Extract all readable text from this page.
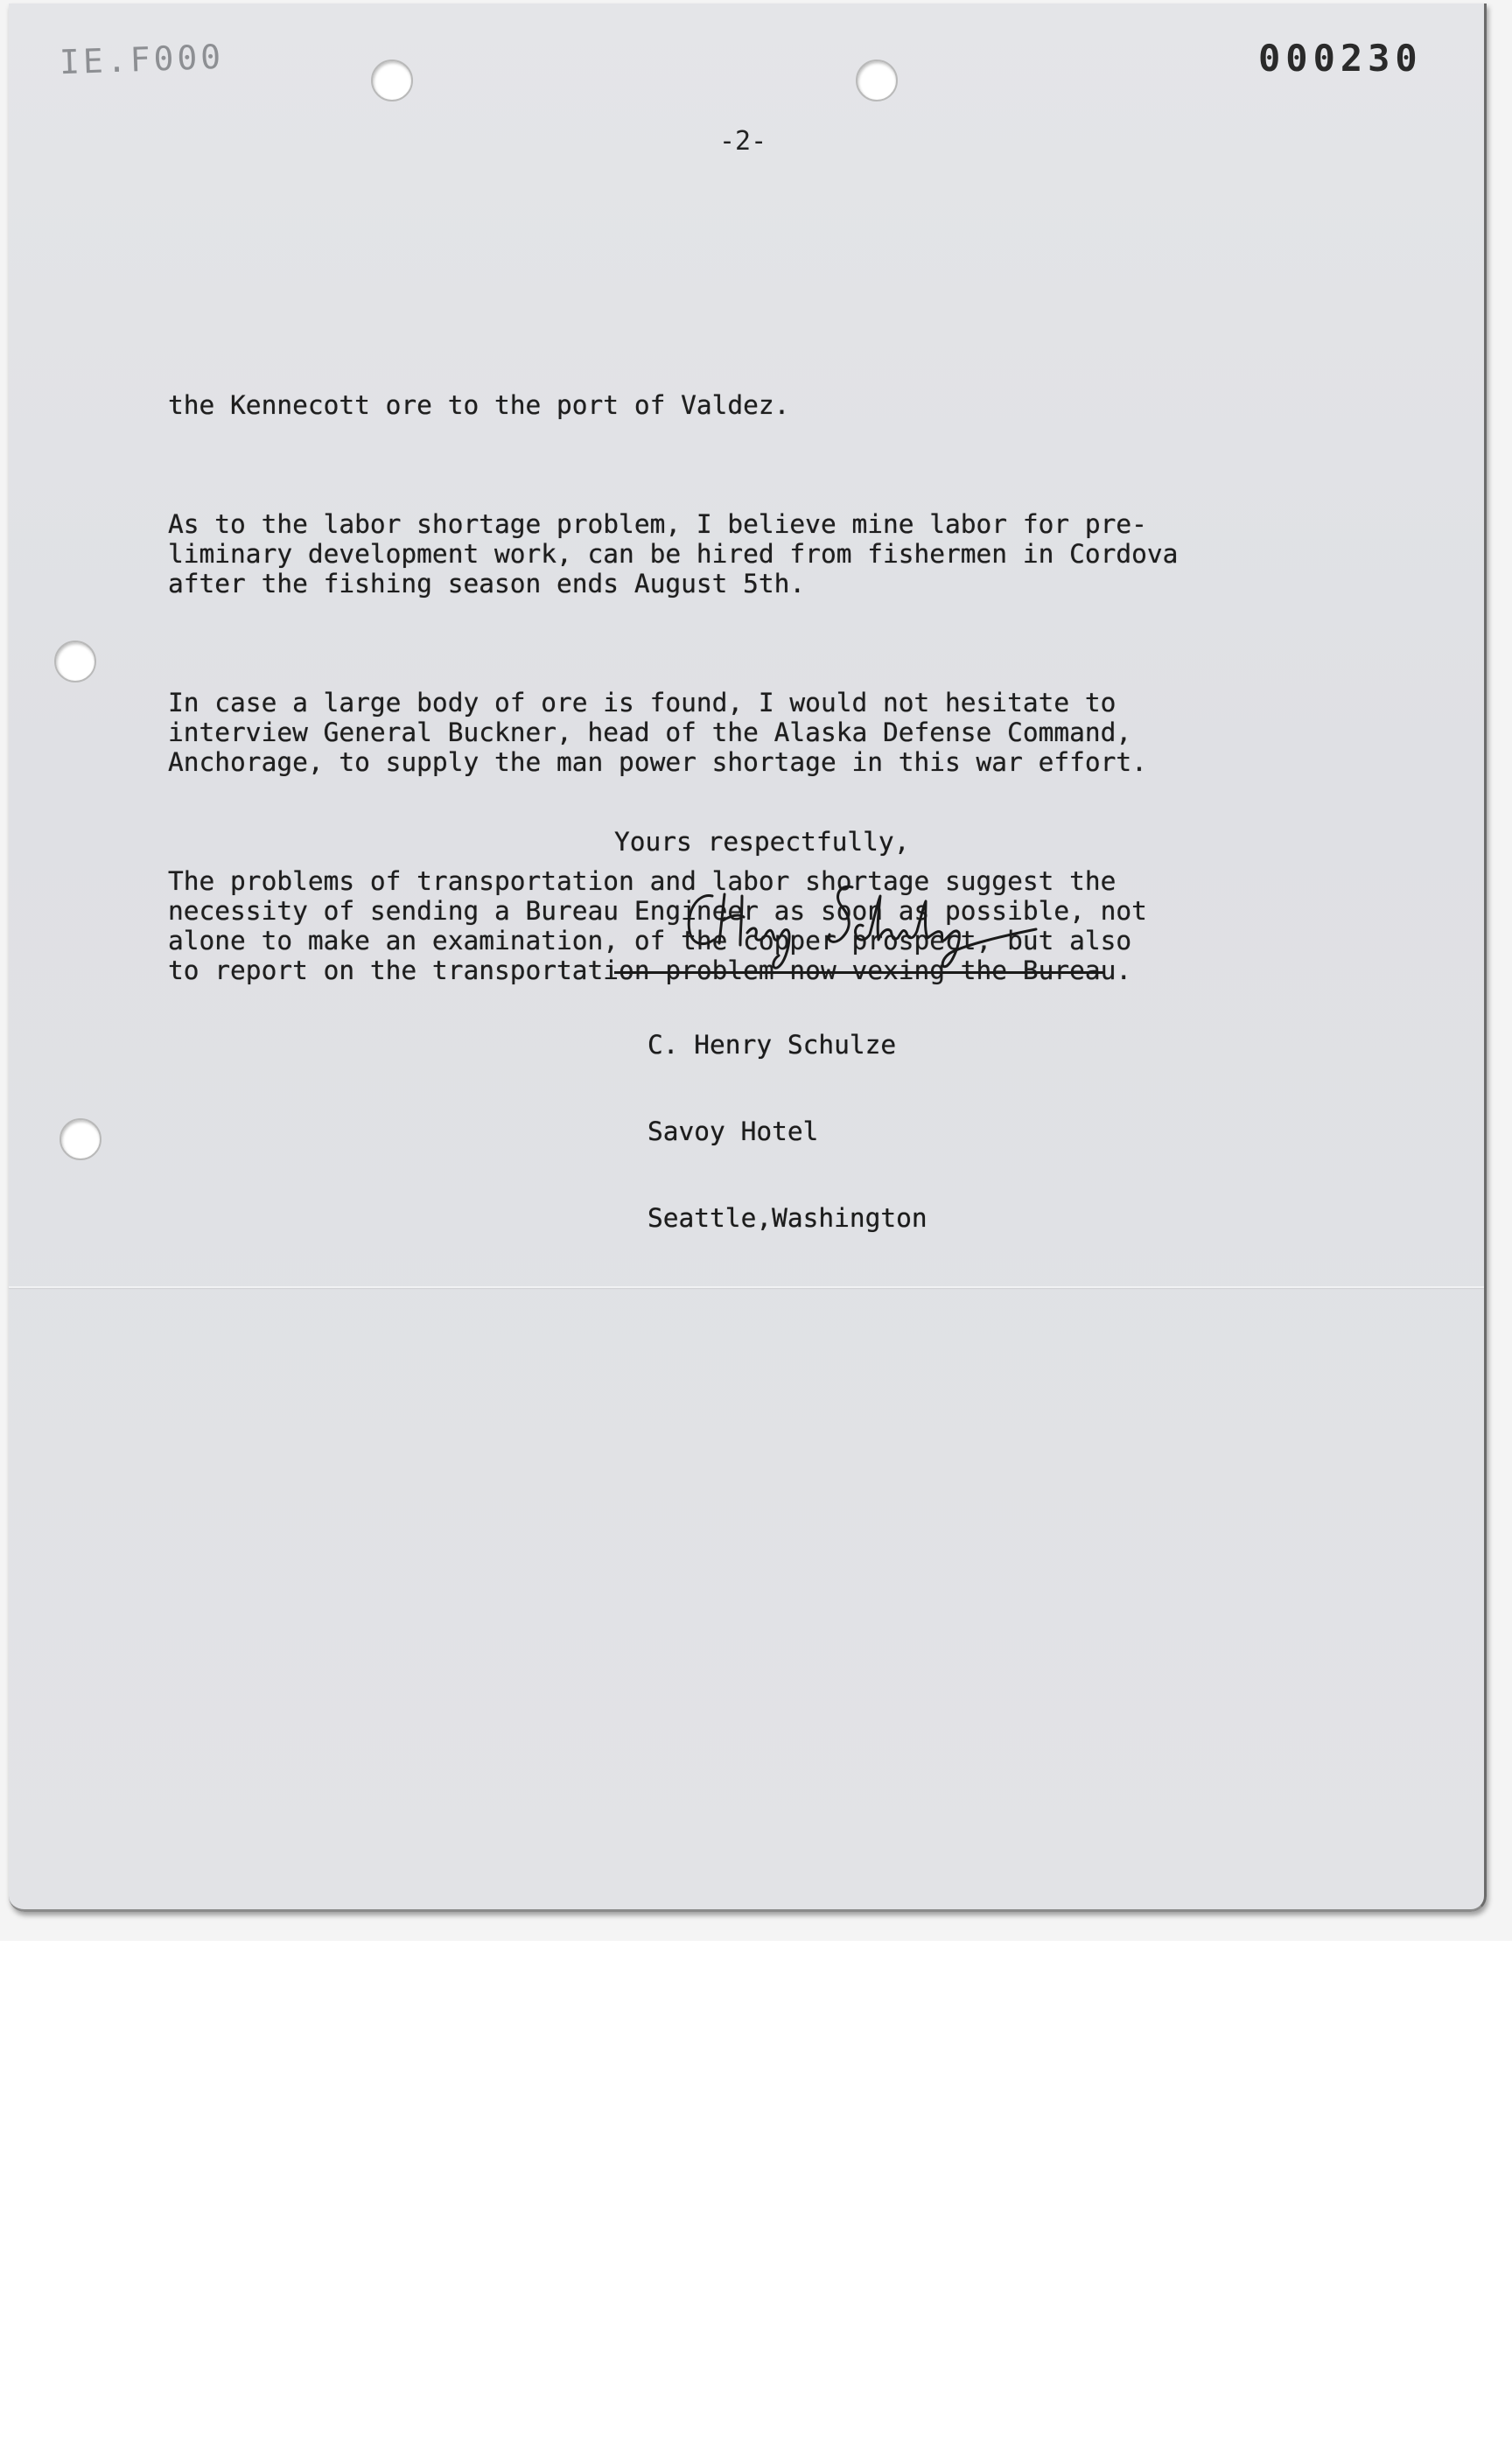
IE.F000	000230
-2-

the Kennecott ore to the port of Valdez.

As to the labor shortage problem, I believe mine labor for pre-
liminary development work, can be hired from fishermen in Cordova
after the fishing season ends August 5th.

In case a large body of ore is found, I would not hesitate to
interview General Buckner, head of the Alaska Defense Command,
Anchorage, to supply the man power shortage in this war effort.

The problems of transportation and labor shortage suggest the
necessity of sending a Bureau Engineer as soon as possible, not
alone to make an examination, of the copper prospect, but also
to report on the transportation problem now vexing the Bureau.

Yours respectfully,

C. Henry Schulze

Savoy Hotel

Seattle,Washington
